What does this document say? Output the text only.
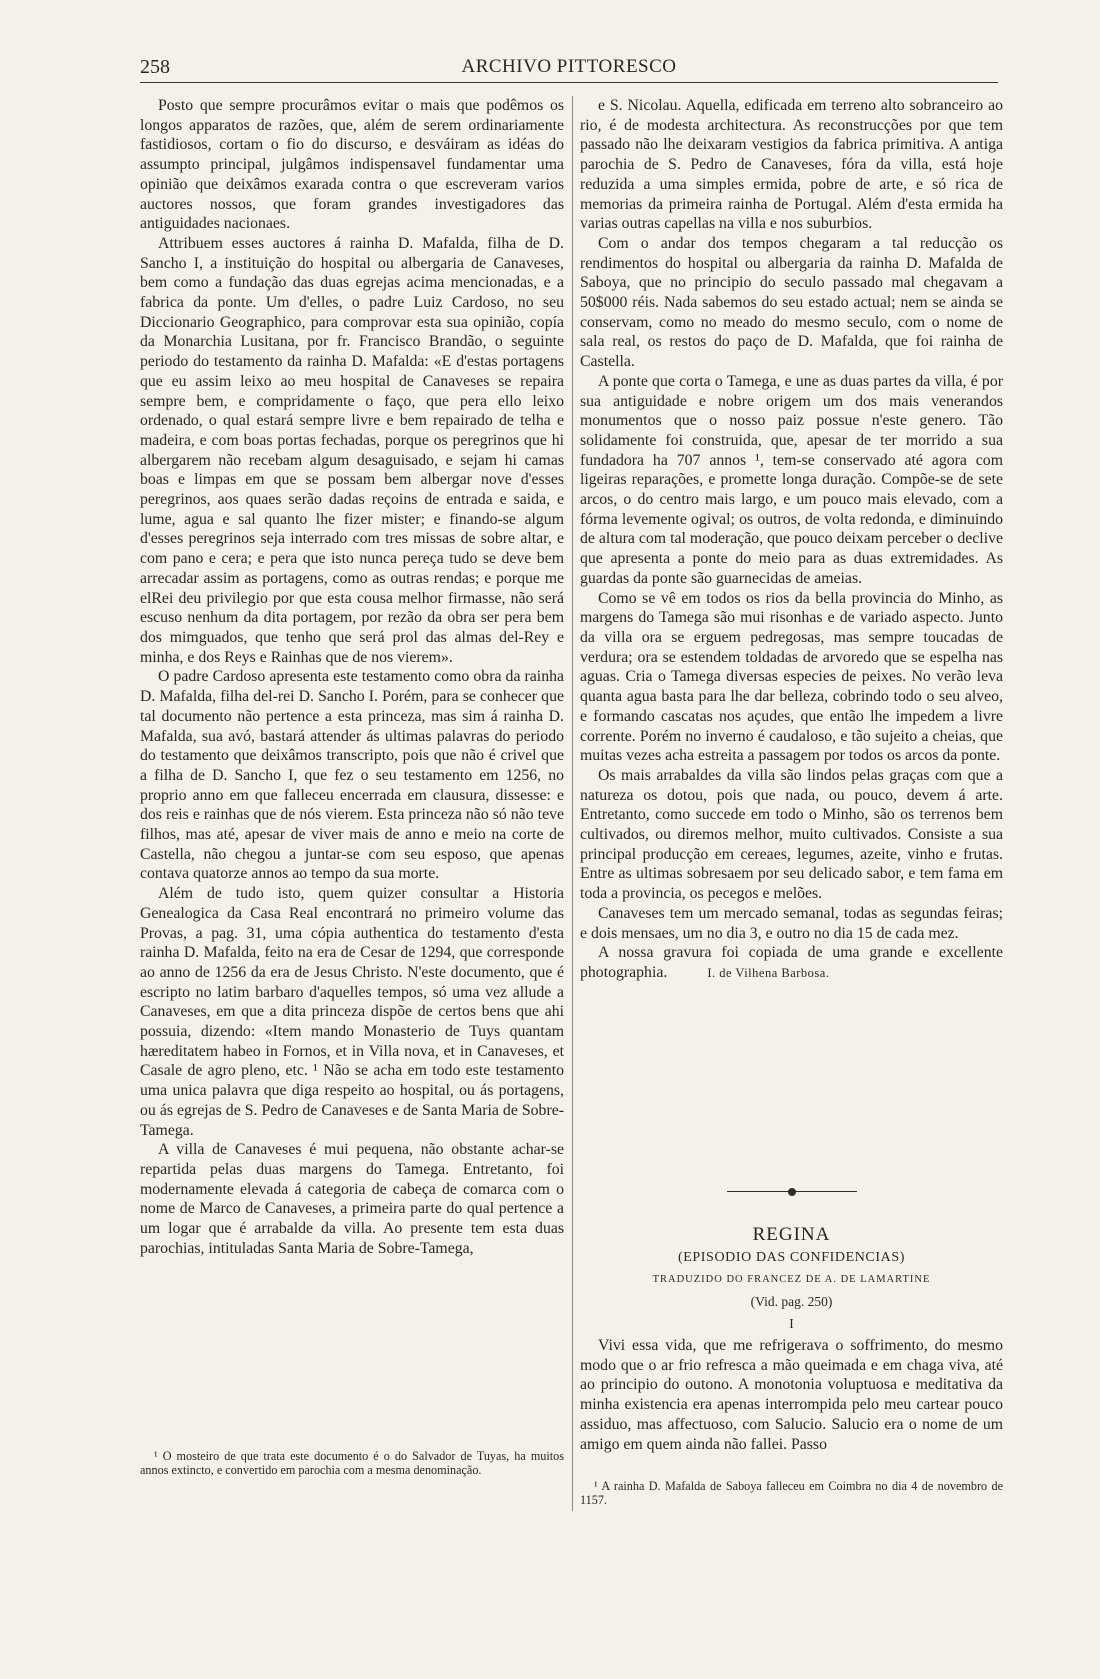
258	ARCHIVO PITTORESCO

Posto que sempre procurâmos evitar o mais que podêmos os longos apparatos de razões, que, além de serem ordinariamente fastidiosos, cortam o fio do discurso, e desváiram as idéas do assumpto principal, julgâmos indispensavel fundamentar uma opinião que deixâmos exarada contra o que escreveram varios auctores nossos, que foram grandes investigadores das antiguidades nacionaes.

Attribuem esses auctores á rainha D. Mafalda, filha de D. Sancho I, a instituição do hospital ou albergaria de Canaveses, bem como a fundação das duas egrejas acima mencionadas, e a fabrica da ponte. Um d'elles, o padre Luiz Cardoso, no seu Diccionario Geographico, para comprovar esta sua opinião, copía da Monarchia Lusitana, por fr. Francisco Brandão, o seguinte periodo do testamento da rainha D. Mafalda: «E d'estas portagens que eu assim leixo ao meu hospital de Canaveses se repaira sempre bem, e compridamente o faço, que pera ello leixo ordenado, o qual estará sempre livre e bem repairado de telha e madeira, e com boas portas fechadas, porque os peregrinos que hi albergarem não recebam algum desaguisado, e sejam hi camas boas e limpas em que se possam bem albergar nove d'esses peregrinos, aos quaes serão dadas reçoins de entrada e saida, e lume, agua e sal quanto lhe fizer mister; e finando-se algum d'esses peregrinos seja interrado com tres missas de sobre altar, e com pano e cera; e pera que isto nunca pereça tudo se deve bem arrecadar assim as portagens, como as outras rendas; e porque me elRei deu privilegio por que esta cousa melhor firmasse, não será escuso nenhum da dita portagem, por rezão da obra ser pera bem dos mimguados, que tenho que será prol das almas del-Rey e minha, e dos Reys e Rainhas que de nos vierem».

O padre Cardoso apresenta este testamento como obra da rainha D. Mafalda, filha del-rei D. Sancho I. Porém, para se conhecer que tal documento não pertence a esta princeza, mas sim á rainha D. Mafalda, sua avó, bastará attender ás ultimas palavras do periodo do testamento que deixâmos transcripto, pois que não é crivel que a filha de D. Sancho I, que fez o seu testamento em 1256, no proprio anno em que falleceu encerrada em clausura, dissesse: e dos reis e rainhas que de nós vierem. Esta princeza não só não teve filhos, mas até, apesar de viver mais de anno e meio na corte de Castella, não chegou a juntar-se com seu esposo, que apenas contava quatorze annos ao tempo da sua morte.

Além de tudo isto, quem quizer consultar a Historia Genealogica da Casa Real encontrará no primeiro volume das Provas, a pag. 31, uma cópia authentica do testamento d'esta rainha D. Mafalda, feito na era de Cesar de 1294, que corresponde ao anno de 1256 da era de Jesus Christo. N'este documento, que é escripto no latim barbaro d'aquelles tempos, só uma vez allude a Canaveses, em que a dita princeza dispõe de certos bens que ahi possuia, dizendo: «Item mando Monasterio de Tuys quantam hæreditatem habeo in Fornos, et in Villa nova, et in Canaveses, et Casale de agro pleno, etc. ¹ Não se acha em todo este testamento uma unica palavra que diga respeito ao hospital, ou ás portagens, ou ás egrejas de S. Pedro de Canaveses e de Santa Maria de Sobre-Tamega.

A villa de Canaveses é mui pequena, não obstante achar-se repartida pelas duas margens do Tamega. Entretanto, foi modernamente elevada á categoria de cabeça de comarca com o nome de Marco de Canaveses, a primeira parte do qual pertence a um logar que é arrabalde da villa. Ao presente tem esta duas parochias, intituladas Santa Maria de Sobre-Tamega,

¹ O mosteiro de que trata este documento é o do Salvador de Tuyas, ha muitos annos extincto, e convertido em parochia com a mesma denominação.

e S. Nicolau. Aquella, edificada em terreno alto sobranceiro ao rio, é de modesta architectura. As reconstrucções por que tem passado não lhe deixaram vestigios da fabrica primitiva. A antiga parochia de S. Pedro de Canaveses, fóra da villa, está hoje reduzida a uma simples ermida, pobre de arte, e só rica de memorias da primeira rainha de Portugal. Além d'esta ermida ha varias outras capellas na villa e nos suburbios.

Com o andar dos tempos chegaram a tal reducção os rendimentos do hospital ou albergaria da rainha D. Mafalda de Saboya, que no principio do seculo passado mal chegavam a 50$000 réis. Nada sabemos do seu estado actual; nem se ainda se conservam, como no meado do mesmo seculo, com o nome de sala real, os restos do paço de D. Mafalda, que foi rainha de Castella.

A ponte que corta o Tamega, e une as duas partes da villa, é por sua antiguidade e nobre origem um dos mais venerandos monumentos que o nosso paiz possue n'este genero. Tão solidamente foi construida, que, apesar de ter morrido a sua fundadora ha 707 annos ¹, tem-se conservado até agora com ligeiras reparações, e promette longa duração. Compõe-se de sete arcos, o do centro mais largo, e um pouco mais elevado, com a fórma levemente ogival; os outros, de volta redonda, e diminuindo de altura com tal moderação, que pouco deixam perceber o declive que apresenta a ponte do meio para as duas extremidades. As guardas da ponte são guarnecidas de ameias.

Como se vê em todos os rios da bella provincia do Minho, as margens do Tamega são mui risonhas e de variado aspecto. Junto da villa ora se erguem pedregosas, mas sempre toucadas de verdura; ora se estendem toldadas de arvoredo que se espelha nas aguas. Cria o Tamega diversas especies de peixes. No verão leva quanta agua basta para lhe dar belleza, cobrindo todo o seu alveo, e formando cascatas nos açudes, que então lhe impedem a livre corrente. Porém no inverno é caudaloso, e tão sujeito a cheias, que muitas vezes acha estreita a passagem por todos os arcos da ponte.

Os mais arrabaldes da villa são lindos pelas graças com que a natureza os dotou, pois que nada, ou pouco, devem á arte. Entretanto, como succede em todo o Minho, são os terrenos bem cultivados, ou diremos melhor, muito cultivados. Consiste a sua principal producção em cereaes, legumes, azeite, vinho e frutas. Entre as ultimas sobresaem por seu delicado sabor, e tem fama em toda a provincia, os pecegos e melões.

Canaveses tem um mercado semanal, todas as segundas feiras; e dois mensaes, um no dia 3, e outro no dia 15 de cada mez.

A nossa gravura foi copiada de uma grande e excellente photographia.	I. de Vilhena Barbosa.

REGINA
(EPISODIO DAS CONFIDENCIAS)
TRADUZIDO DO FRANCEZ DE A. DE LAMARTINE
(Vid. pag. 250)
I

Vivi essa vida, que me refrigerava o soffrimento, do mesmo modo que o ar frio refresca a mão queimada e em chaga viva, até ao principio do outono. A monotonia voluptuosa e meditativa da minha existencia era apenas interrompida pelo meu cartear pouco assiduo, mas affectuoso, com Salucio. Salucio era o nome de um amigo em quem ainda não fallei. Passo

¹ A rainha D. Mafalda de Saboya falleceu em Coimbra no dia 4 de novembro de 1157.
